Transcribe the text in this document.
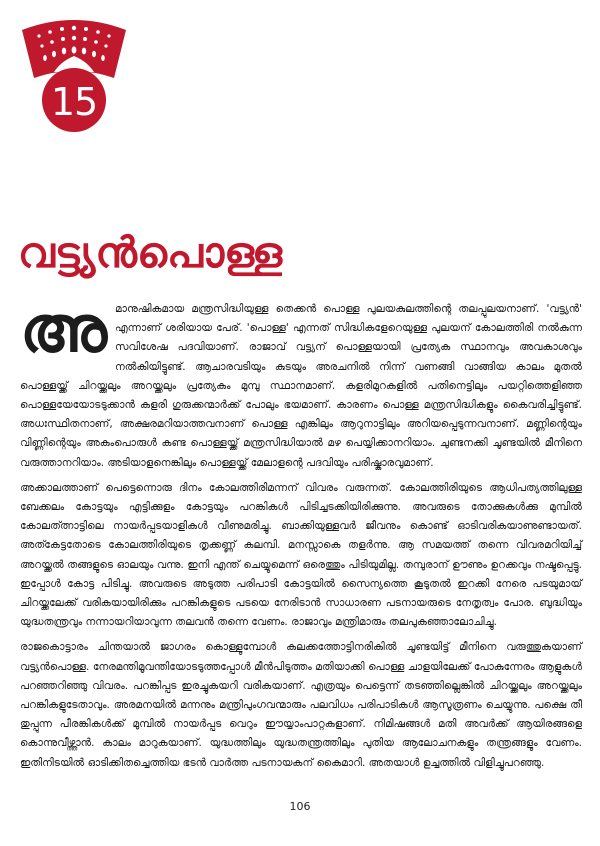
15
വട്ട്യൻപൊള്ള

അ മാനുഷികമായ മന്ത്രസിദ്ധിയുള്ള തെക്കൻ പൊള്ള പുലയകുലത്തിന്റെ തലപ്പുലയനാണ്. 'വട്ട്യൻ' എന്നാണ് ശരിയായ പേര്. 'പൊള്ള' എന്നത് സിദ്ധികളേറെയുള്ള പുലയന് കോലത്തിരി നൽകുന്ന സവിശേഷ പദവിയാണ്. രാജാവ് വട്ട്യന് പൊള്ളയായി പ്രത്യേക സ്ഥാനവും അവകാശവും നൽകിയിട്ടുണ്ട്. ആചാരവടിയും കുടയും അരചനിൽ നിന്ന് വണങ്ങി വാങ്ങിയ കാലം മുതൽ പൊള്ളയ്ക്ക് ചിറയ്ക്കലും അറയ്ക്കലും പ്രത്യേകം മുമ്പു സ്ഥാനമാണ്. കളരിമുറകളിൽ പതിനെട്ടിലും പയറ്റിത്തെളിഞ്ഞ പൊള്ളയേയോടടുക്കാൻ കളരി ഗുരുക്കന്മാർക്ക് പോലും ഭയമാണ്. കാരണം പൊള്ള മന്ത്രസിദ്ധികളും കൈവരിച്ചിട്ടുണ്ട്. അധഃസ്ഥിതനാണ്, അക്ഷരമറിയാത്തവനാണ് പൊള്ള എങ്കിലും ആറുനാട്ടിലും അറിയപ്പെടുന്നവനാണ്. മണ്ണിന്റെയും വിണ്ണിന്റെയും അകംപൊരുൾ കണ്ട പൊള്ളയ്ക്ക് മന്ത്രസിദ്ധിയാൽ മഴ പെയ്യിക്കാനറിയാം. ചുണ്ടനക്കി ചൂണ്ടയിൽ മീനിനെ വരുത്താനറിയാം. അടിയാളനെങ്കിലും പൊള്ളയ്ക്ക് മേലാളന്റെ പദവിയും പരിഷ്കാരവുമാണ്.

അക്കാലത്താണ് പെട്ടെന്നൊരു ദിനം കോലത്തിരിമന്നന് വിവരം വരുന്നത്. കോലത്തിരിയുടെ ആധിപത്യത്തിലുള്ള ബേക്കലം കോട്ടയും എട്ടിക്കുളം കോട്ടയും പറങ്കികൾ പിടിച്ചടക്കിയിരിക്കുന്നു. അവരുടെ തോക്കുകൾക്കു മുമ്പിൽ കോലത്ത്നാട്ടിലെ നായർപ്പടയാളികൾ വീണുമരിച്ചു. ബാക്കിയുള്ളവർ ജീവനും കൊണ്ട് ഓടിവരികയാണുണ്ടായത്. അത്കേട്ടതോടെ കോലത്തിരിയുടെ തൃക്കണ്ണ് കലമ്പി. മനസ്സാകെ തളർന്നു. ആ സമയത്ത് തന്നെ വിവരമറിയിച്ച് അറയ്ക്കൽ തങ്ങളുടെ ഓലയും വന്നു. ഇനി എന്ത് ചെയ്യുമെന്ന് ഒരെത്തും പിടിയുമില്ല. തമ്പുരാന് ഊണും ഉറക്കവും നഷ്ടപ്പെട്ടു. ഇപ്പോൾ കോട്ട പിടിച്ചു. അവരുടെ അടുത്ത പരിപാടി കോട്ടയിൽ സൈന്യത്തെ കൂടുതൽ ഇറക്കി നേരെ പടയുമായ് ചിറയ്ക്കലേക്ക് വരികയായിരിക്കും പറങ്കികളുടെ പടയെ നേരിടാൻ സാധാരണ പടനായരുടെ നേതൃത്വം പോര. ബുദ്ധിയും യുദ്ധതന്ത്രവും നന്നായറിയാവുന്ന തലവൻ തന്നെ വേണം. രാജാവും മന്ത്രിമാരും തലപുകഞ്ഞാലോചിച്ചു.

രാജകൊട്ടാരം ചിന്തയാൽ ജാഗരം കൊള്ളുമ്പോൾ കലക്കത്തോട്ടിനരികിൽ ചൂണ്ടയിട്ട് മീനിനെ വരുത്തുകയാണ് വട്ട്യൻപൊള്ള. നേരമന്തിമൂവന്തിയോടടുത്തപ്പോൾ മീൻപിടുത്തം മതിയാക്കി പൊള്ള ചാളയിലേക്ക് പോകുന്നേരം ആളുകൾ പറഞ്ഞറിഞ്ഞു വിവരം. പറങ്കിപ്പട ഇരച്ചുകയറി വരികയാണ്. എത്രയും പെട്ടെന്ന് തടഞ്ഞില്ലെങ്കിൽ ചിറയ്ക്കലും അറയ്ക്കലും പറങ്കികളുടേതാവും. അരമനയിൽ മന്നനും മന്ത്രിപുംഗവന്മാരും പലവിധം പരിപാടികൾ ആസൂത്രണം ചെയ്യുന്നു. പക്ഷെ തീ തുപ്പുന്ന പീരങ്കികൾക്ക് മുമ്പിൽ നായർപ്പട വെറും ഈയ്യാംപാറ്റകളാണ്. നിമിഷങ്ങൾ മതി അവർക്ക് ആയിരങ്ങളെ കൊന്നുവീഴ്ത്താൻ. കാലം മാറുകയാണ്. യുദ്ധത്തിലും യുദ്ധതന്ത്രത്തിലും പുതിയ ആലോചനകളും തന്ത്രങ്ങളും വേണം. ഇതിനിടയിൽ ഓടിക്കിതച്ചെത്തിയ ഭടൻ വാർത്ത പടനായകന് കൈമാറി. അതയാൾ ഉച്ചത്തിൽ വിളിച്ചുപറഞ്ഞു.

106
